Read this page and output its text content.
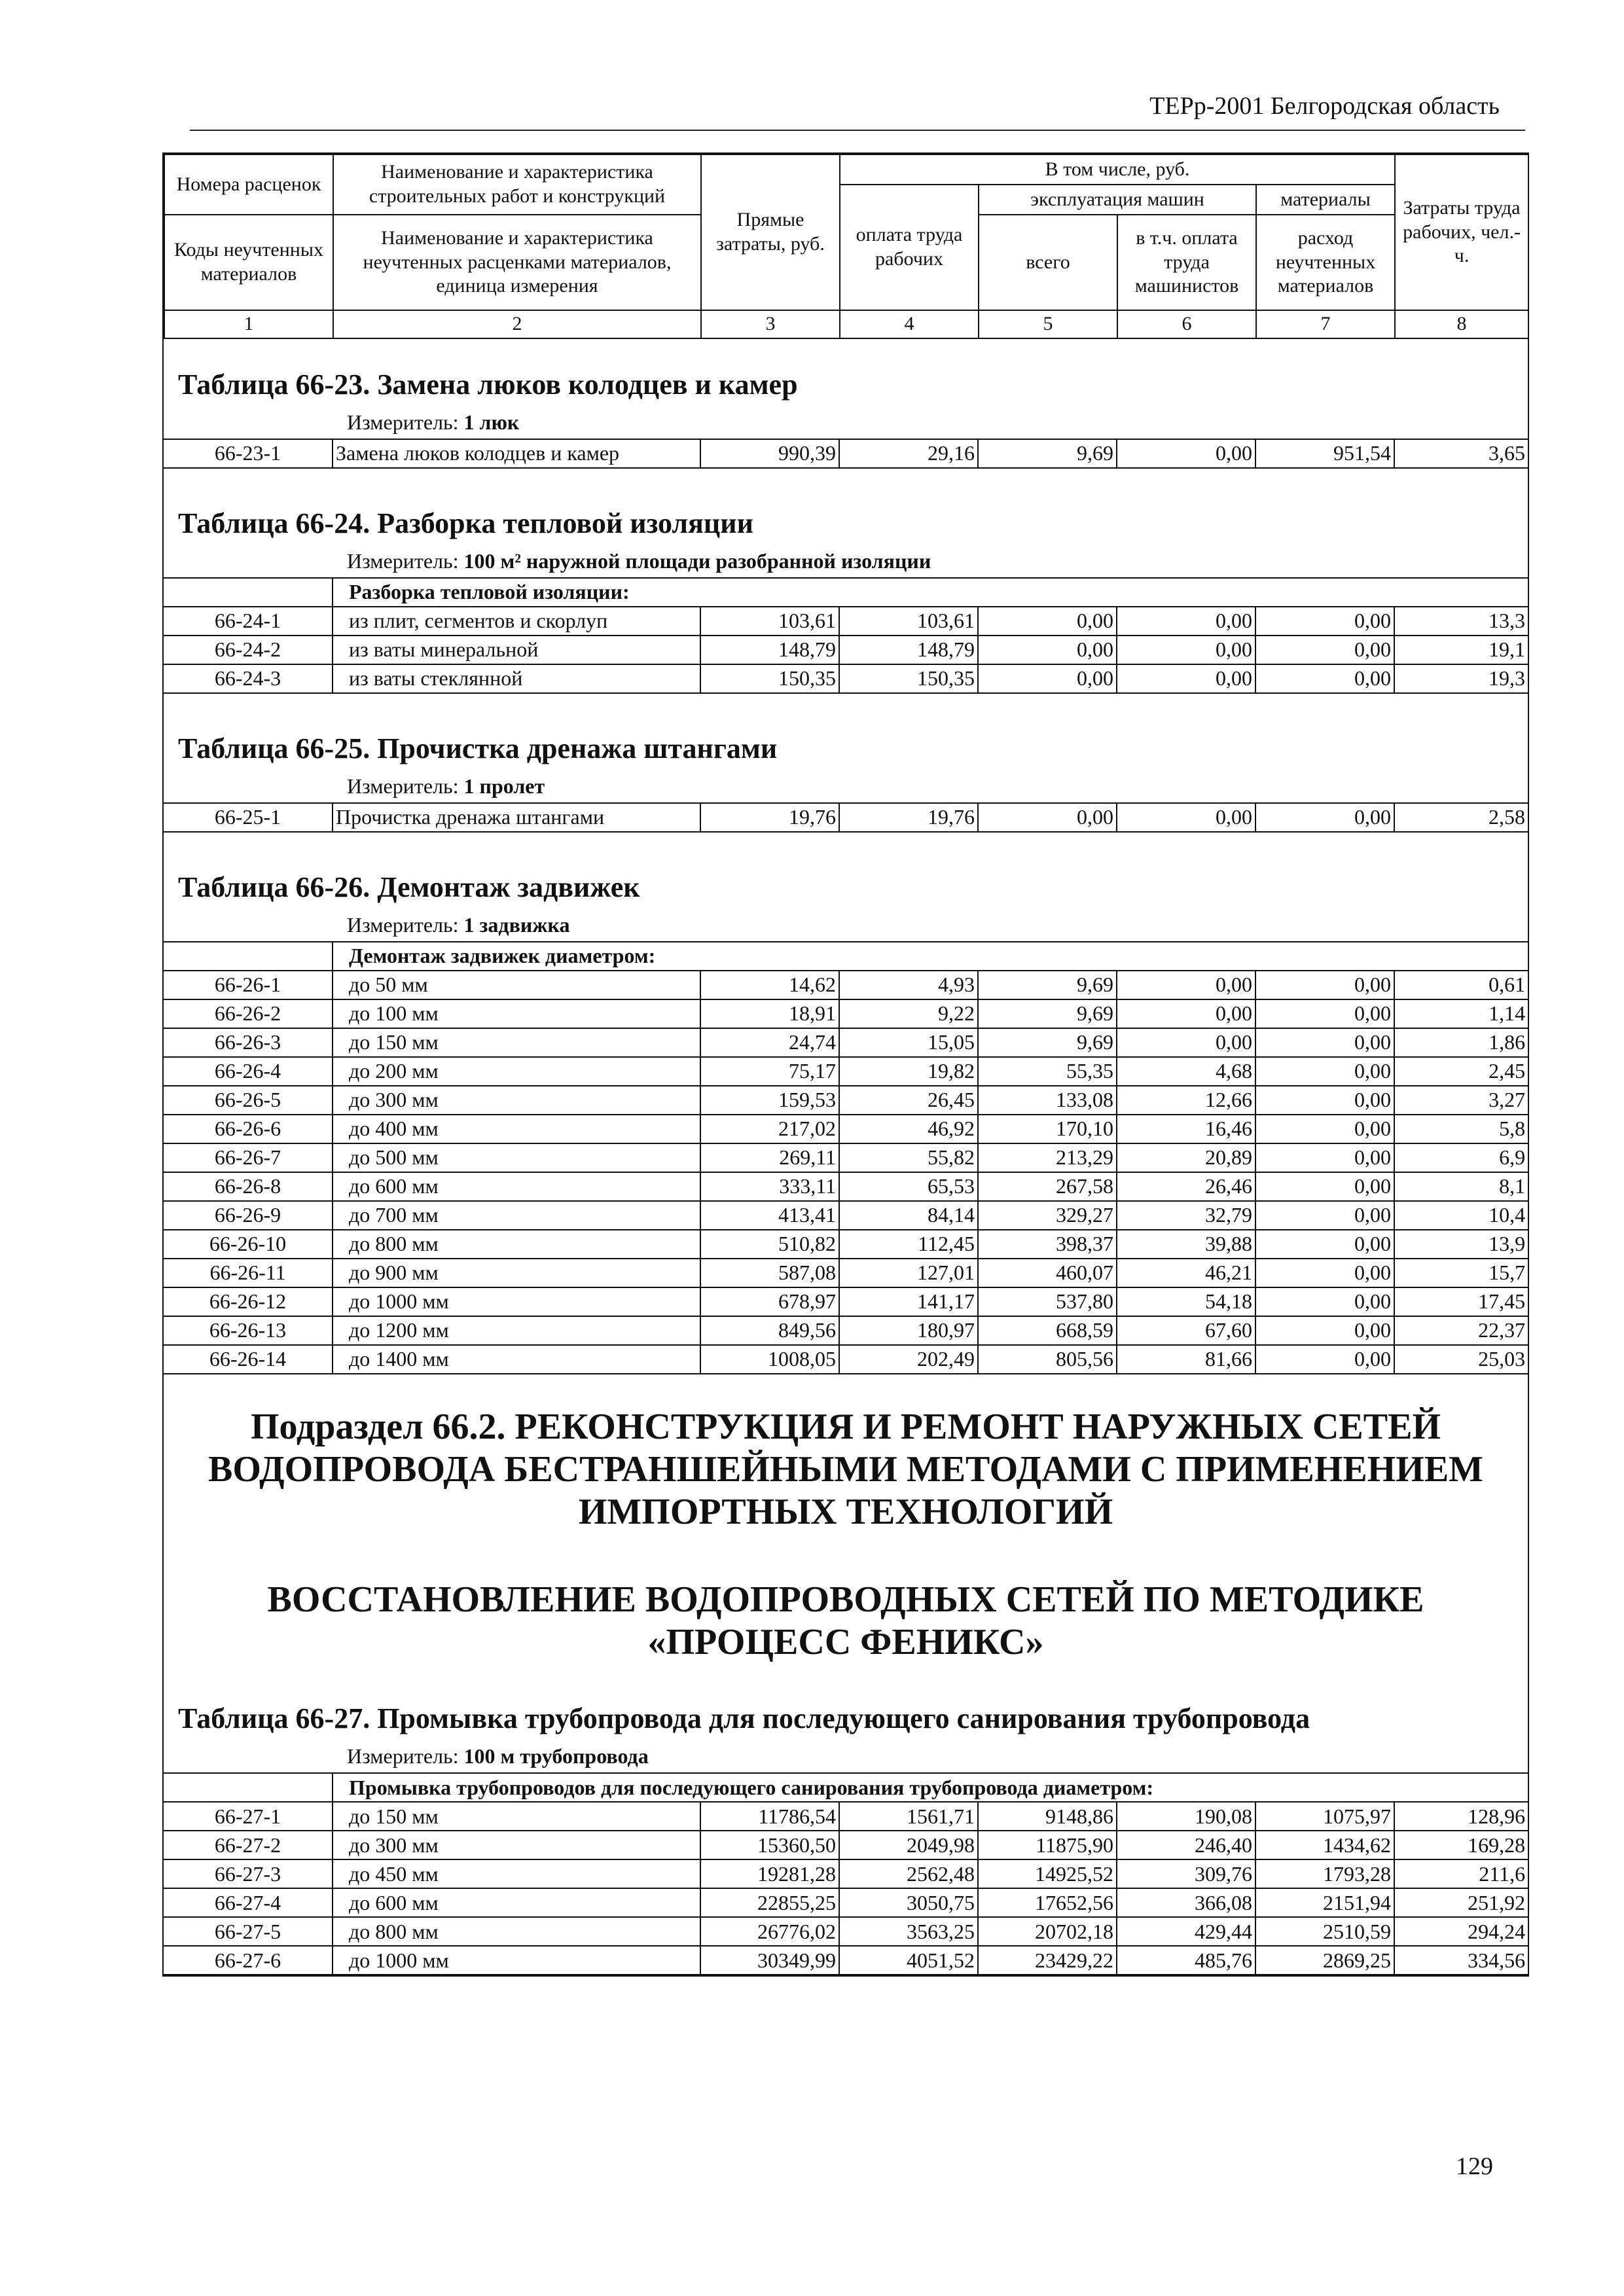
ТЕРр-2001 Белгородская область
Номера расценок	Наименование и характеристика строительных работ и конструкций	Прямые затраты, руб.	В том числе, руб.				Затраты труда рабочих, чел.-ч.
			оплата труда рабочих	эксплуатация машин		материалы	
Коды неучтенных материалов	Наименование и характеристика неучтенных расценками материалов, единица измерения			всего	в т.ч. оплата труда машинистов	расход неучтенных материалов	
1	2	3	4	5	6	7	8
Таблица 66-23. Замена люков колодцев и камер
Измеритель: 1 люк
66-23-1	Замена люков колодцев и камер	990,39	29,16	9,69	0,00	951,54	3,65
Таблица 66-24. Разборка тепловой изоляции
Измеритель: 100 м² наружной площади разобранной изоляции
	Разборка тепловой изоляции:						
66-24-1	из плит, сегментов и скорлуп	103,61	103,61	0,00	0,00	0,00	13,3
66-24-2	из ваты минеральной	148,79	148,79	0,00	0,00	0,00	19,1
66-24-3	из ваты стеклянной	150,35	150,35	0,00	0,00	0,00	19,3
Таблица 66-25. Прочистка дренажа штангами
Измеритель: 1 пролет
66-25-1	Прочистка дренажа штангами	19,76	19,76	0,00	0,00	0,00	2,58
Таблица 66-26. Демонтаж задвижек
Измеритель: 1 задвижка
	Демонтаж задвижек диаметром:						
66-26-1	до 50 мм	14,62	4,93	9,69	0,00	0,00	0,61
66-26-2	до 100 мм	18,91	9,22	9,69	0,00	0,00	1,14
66-26-3	до 150 мм	24,74	15,05	9,69	0,00	0,00	1,86
66-26-4	до 200 мм	75,17	19,82	55,35	4,68	0,00	2,45
66-26-5	до 300 мм	159,53	26,45	133,08	12,66	0,00	3,27
66-26-6	до 400 мм	217,02	46,92	170,10	16,46	0,00	5,8
66-26-7	до 500 мм	269,11	55,82	213,29	20,89	0,00	6,9
66-26-8	до 600 мм	333,11	65,53	267,58	26,46	0,00	8,1
66-26-9	до 700 мм	413,41	84,14	329,27	32,79	0,00	10,4
66-26-10	до 800 мм	510,82	112,45	398,37	39,88	0,00	13,9
66-26-11	до 900 мм	587,08	127,01	460,07	46,21	0,00	15,7
66-26-12	до 1000 мм	678,97	141,17	537,80	54,18	0,00	17,45
66-26-13	до 1200 мм	849,56	180,97	668,59	67,60	0,00	22,37
66-26-14	до 1400 мм	1008,05	202,49	805,56	81,66	0,00	25,03
Подраздел 66.2. РЕКОНСТРУКЦИЯ И РЕМОНТ НАРУЖНЫХ СЕТЕЙ
ВОДОПРОВОДА БЕСТРАНШЕЙНЫМИ МЕТОДАМИ С ПРИМЕНЕНИЕМ
ИМПОРТНЫХ ТЕХНОЛОГИЙ
ВОССТАНОВЛЕНИЕ ВОДОПРОВОДНЫХ СЕТЕЙ ПО МЕТОДИКЕ
«ПРОЦЕСС ФЕНИКС»
Таблица 66-27. Промывка трубопровода для последующего санирования трубопровода
Измеритель: 100 м трубопровода
	Промывка трубопроводов для последующего санирования трубопровода диаметром:						
66-27-1	до 150 мм	11786,54	1561,71	9148,86	190,08	1075,97	128,96
66-27-2	до 300 мм	15360,50	2049,98	11875,90	246,40	1434,62	169,28
66-27-3	до 450 мм	19281,28	2562,48	14925,52	309,76	1793,28	211,6
66-27-4	до 600 мм	22855,25	3050,75	17652,56	366,08	2151,94	251,92
66-27-5	до 800 мм	26776,02	3563,25	20702,18	429,44	2510,59	294,24
66-27-6	до 1000 мм	30349,99	4051,52	23429,22	485,76	2869,25	334,56
129
